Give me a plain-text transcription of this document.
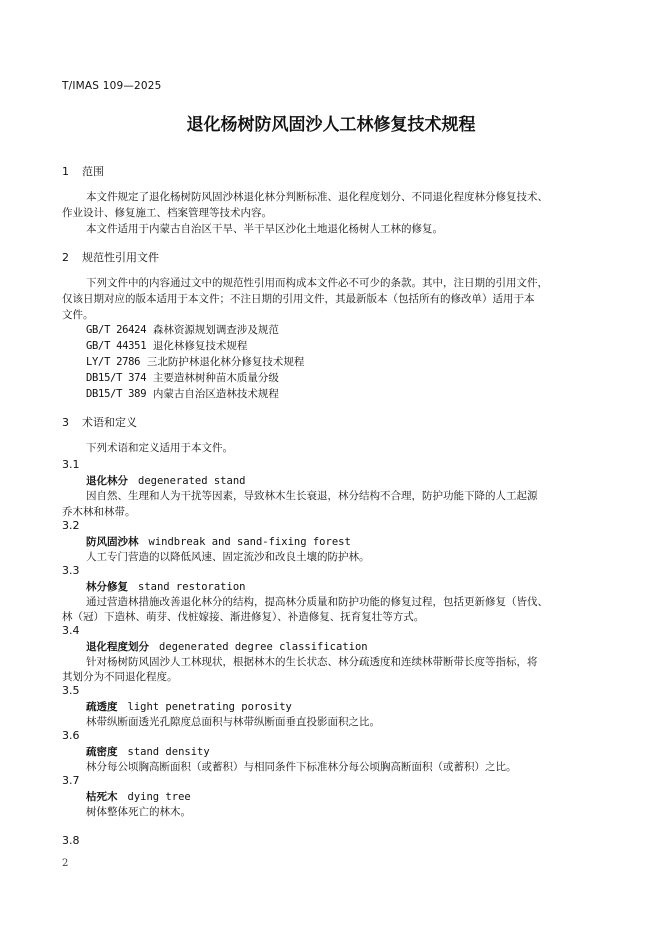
T/IMAS 109—2025
退化杨树防风固沙人工林修复技术规程
1 范围
本文件规定了退化杨树防风固沙林退化林分判断标准、退化程度划分、不同退化程度林分修复技术、
作业设计、修复施工、档案管理等技术内容。
本文件适用于内蒙古自治区干旱、半干旱区沙化土地退化杨树人工林的修复。
2 规范性引用文件
下列文件中的内容通过文中的规范性引用而构成本文件必不可少的条款。其中，注日期的引用文件，
仅该日期对应的版本适用于本文件；不注日期的引用文件，其最新版本（包括所有的修改单）适用于本
文件。
GB/T 26424 森林资源规划调查涉及规范
GB/T 44351 退化林修复技术规程
LY/T 2786 三北防护林退化林分修复技术规程
DB15/T 374 主要造林树种苗木质量分级
DB15/T 389 内蒙古自治区造林技术规程
3 术语和定义
下列术语和定义适用于本文件。
3.1
退化林分 degenerated stand
因自然、生理和人为干扰等因素，导致林木生长衰退，林分结构不合理，防护功能下降的人工起源
乔木林和林带。
3.2
防风固沙林 windbreak and sand-fixing forest
人工专门营造的以降低风速、固定流沙和改良土壤的防护林。
3.3
林分修复 stand restoration
通过营造林措施改善退化林分的结构，提高林分质量和防护功能的修复过程，包括更新修复（皆伐、
林（冠）下造林、萌芽、伐桩嫁接、渐进修复）、补造修复、抚育复壮等方式。
3.4
退化程度划分 degenerated degree classification
针对杨树防风固沙人工林现状，根据林木的生长状态、林分疏透度和连续林带断带长度等指标，将
其划分为不同退化程度。
3.5
疏透度 light penetrating porosity
林带纵断面透光孔隙度总面积与林带纵断面垂直投影面积之比。
3.6
疏密度 stand density
林分每公顷胸高断面积（或蓄积）与相同条件下标准林分每公顷胸高断面积（或蓄积）之比。
3.7
枯死木 dying tree
树体整体死亡的林木。
3.8
2
